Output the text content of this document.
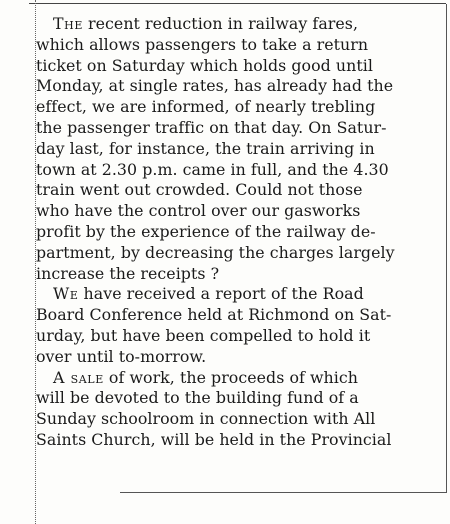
The recent reduction in railway fares,
which allows passengers to take a return
ticket on Saturday which holds good until
Monday, at single rates, has already had the
effect, we are informed, of nearly trebling
the passenger traffic on that day. On Satur-
day last, for instance, the train arriving in
town at 2.30 p.m. came in full, and the 4.30
train went out crowded. Could not those
who have the control over our gasworks
profit by the experience of the railway de-
partment, by decreasing the charges largely
increase the receipts ?
We have received a report of the Road
Board Conference held at Richmond on Sat-
urday, but have been compelled to hold it
over until to-morrow.
A sale of work, the proceeds of which
will be devoted to the building fund of a
Sunday schoolroom in connection with All
Saints Church, will be held in the Provincial
